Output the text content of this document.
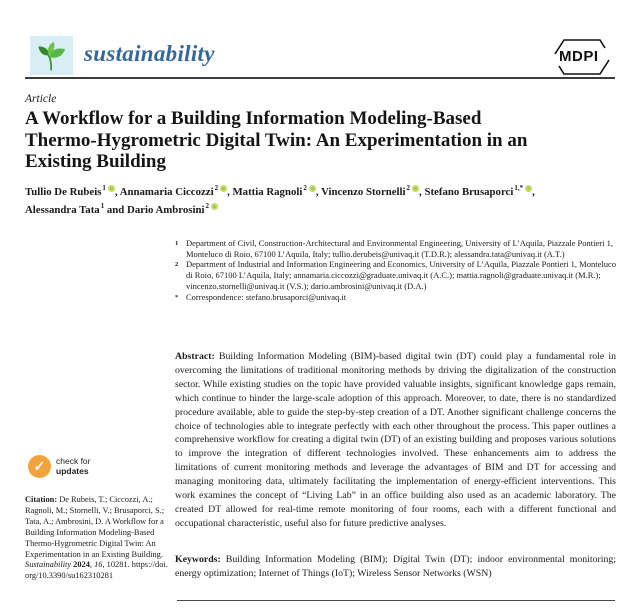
sustainability	MDPI
Article
A Workflow for a Building Information Modeling-Based
Thermo-Hygrometric Digital Twin: An Experimentation in an
Existing Building

Tullio De Rubeis$^1$ , Annamaria Ciccozzi$^2$ , Mattia Ragnoli$^2$ , Vincenzo Stornelli$^2$ , Stefano Brusaporci$^{1,*}$ ,
Alessandra Tata$^1$ and Dario Ambrosini$^2$

1 Department of Civil, Construction-Architectural and Environmental Engineering, University of L’Aquila, Piazzale Pontieri 1, Monteluco di Roio, 67100 L’Aquila, Italy; tullio.derubeis@univaq.it (T.D.R.); alessandra.tata@univaq.it (A.T.)
2 Department of Industrial and Information Engineering and Economics, University of L’Aquila, Piazzale Pontieri 1, Monteluco di Roio, 67100 L’Aquila, Italy; annamaria.ciccozzi@graduate.univaq.it (A.C.); mattia.ragnoli@graduate.univaq.it (M.R.); vincenzo.stornelli@univaq.it (V.S.); dario.ambrosini@univaq.it (D.A.)
* Correspondence: stefano.brusaporci@univaq.it

Abstract: Building Information Modeling (BIM)-based digital twin (DT) could play a fundamental role in overcoming the limitations of traditional monitoring methods by driving the digitalization of the construction sector. While existing studies on the topic have provided valuable insights, significant knowledge gaps remain, which continue to hinder the large-scale adoption of this approach. Moreover, to date, there is no standardized procedure available, able to guide the step-by-step creation of a DT. Another significant challenge concerns the choice of technologies able to integrate perfectly with each other throughout the process. This paper outlines a comprehensive workflow for creating a digital twin (DT) of an existing building and proposes various solutions to improve the integration of different technologies involved. These enhancements aim to address the limitations of current monitoring methods and leverage the advantages of BIM and DT for accessing and managing monitoring data, ultimately facilitating the implementation of energy-efficient interventions. This work examines the concept of “Living Lab” in an office building also used as an academic laboratory. The created DT allowed for real-time remote monitoring of four rooms, each with a different functional and occupational characteristic, useful also for future predictive analyses.

Keywords: Building Information Modeling (BIM); Digital Twin (DT); indoor environmental monitoring; energy optimization; Internet of Things (IoT); Wireless Sensor Networks (WSN)

✓	check for
updates

Citation: De Rubeis, T.; Ciccozzi, A.; Ragnoli, M.; Stornelli, V.; Brusaporci, S.; Tata, A.; Ambrosini, D. A Workflow for a Building Information Modeling-Based Thermo-Hygrometric Digital Twin: An Experimentation in an Existing Building. Sustainability 2024, 16, 10281. https://doi.org/10.3390/su162310281
